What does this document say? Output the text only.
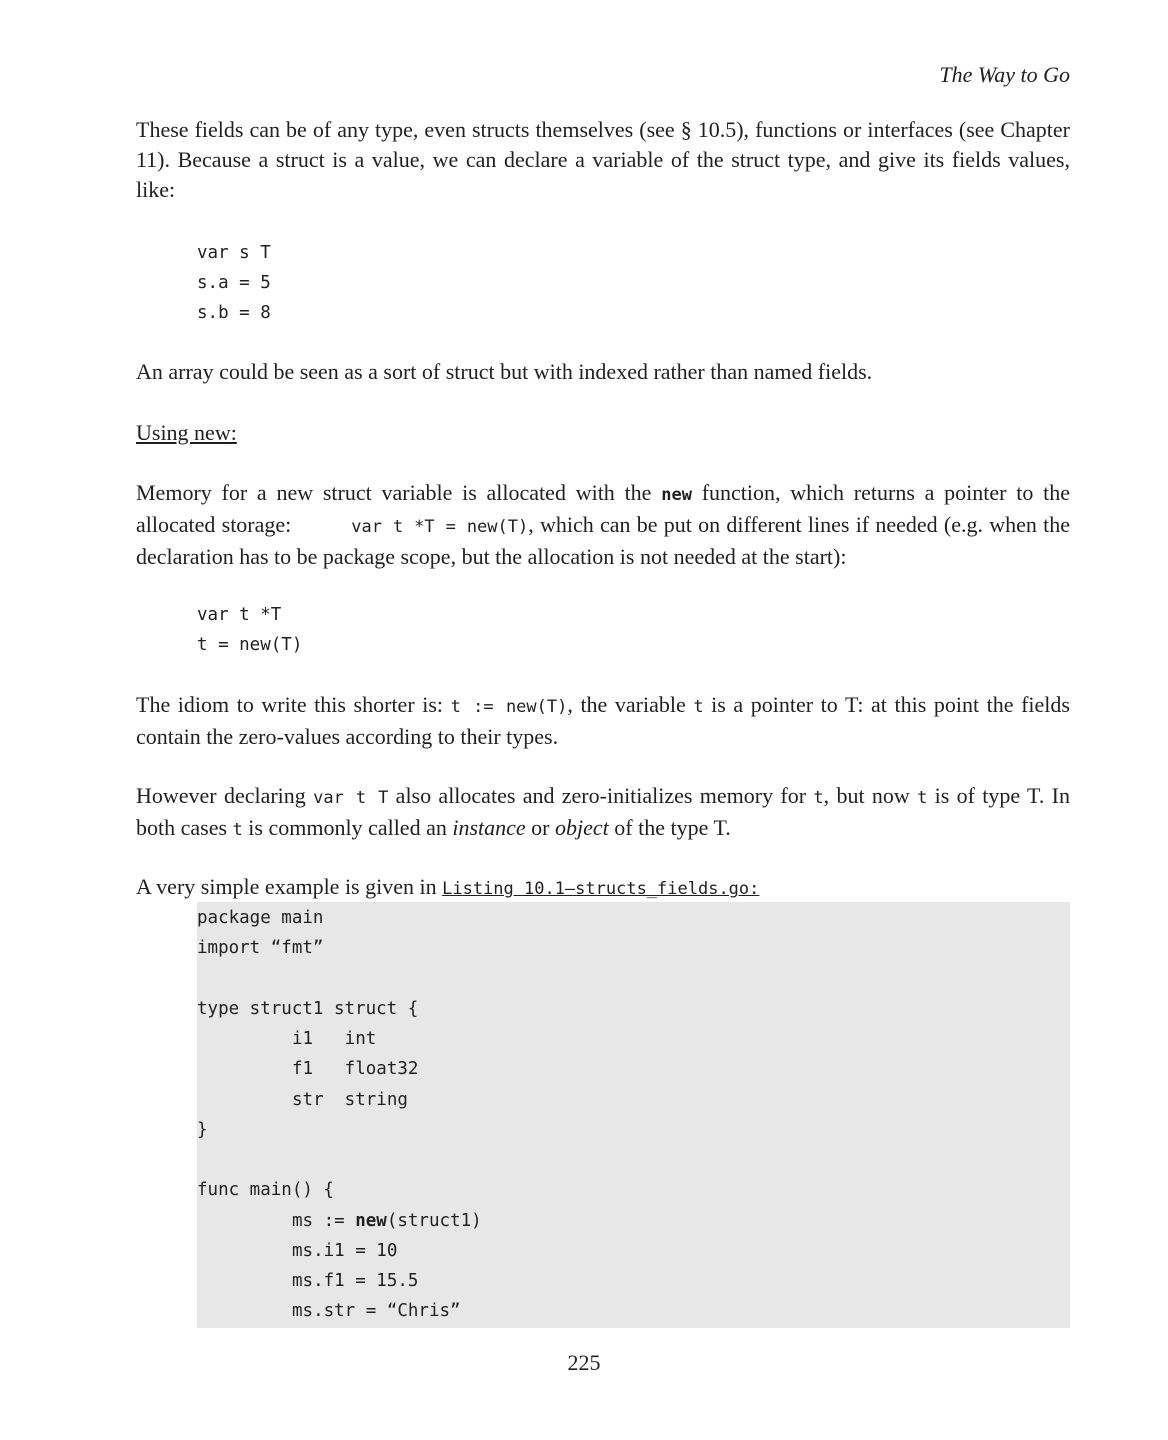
The Way to Go

These fields can be of any type, even structs themselves (see § 10.5), functions or interfaces (see Chapter 11). Because a struct is a value, we can declare a variable of the struct type, and give its fields values, like:

var s T
s.a = 5
s.b = 8

An array could be seen as a sort of struct but with indexed rather than named fields.

Using new:

Memory for a new struct variable is allocated with the new function, which returns a pointer to the allocated storage:	var t *T = new(T), which can be put on different lines if needed (e.g. when the declaration has to be package scope, but the allocation is not needed at the start):

var t *T
t = new(T)

The idiom to write this shorter is: t := new(T), the variable t is a pointer to T: at this point the fields contain the zero-values according to their types.

However declaring var t T also allocates and zero-initializes memory for t, but now t is of type T. In both cases t is commonly called an instance or object of the type T.

A very simple example is given in Listing 10.1—structs_fields.go:

package main
import “fmt”
type struct1 struct {
i1   int
f1   float32
str  string
}
func main() {
ms := new(struct1)
ms.i1 = 10
ms.f1 = 15.5
ms.str = “Chris”
225
